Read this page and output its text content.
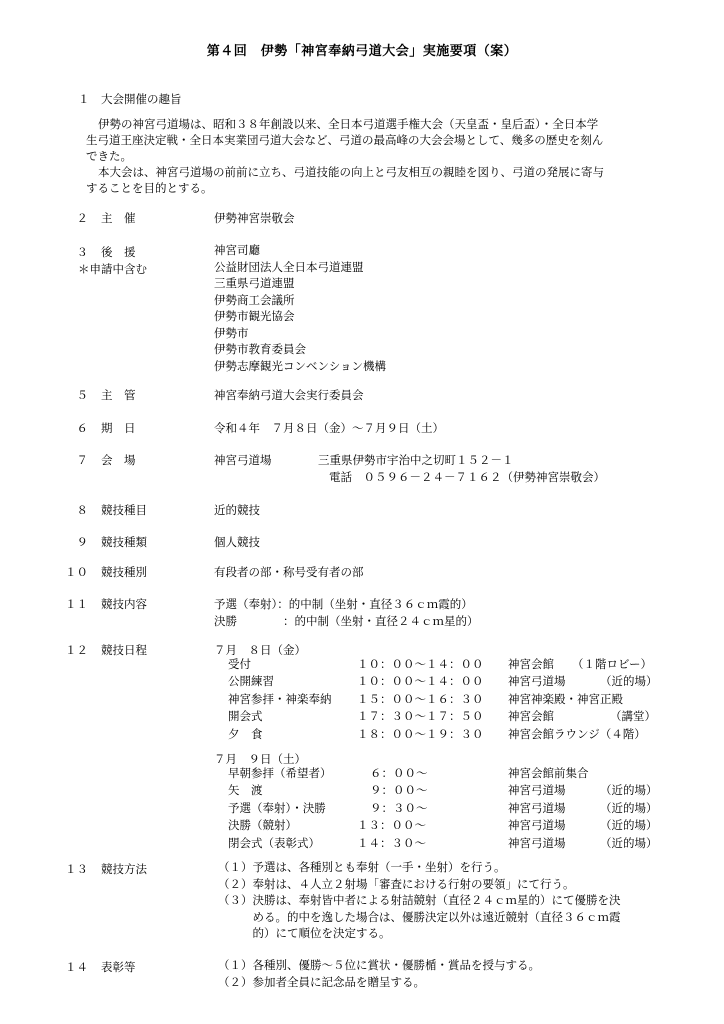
第４回　伊勢「神宮奉納弓道大会」実施要項（案）
１ 大会開催の趣旨
伊勢の神宮弓道場は、昭和３８年創設以来、全日本弓道選手権大会（天皇盃・皇后盃）・全日本学
生弓道王座決定戦・全日本実業団弓道大会など、弓道の最高峰の大会会場として、幾多の歴史を刻ん
できた。
本大会は、神宮弓道場の前前に立ち、弓道技能の向上と弓友相互の親睦を図り、弓道の発展に寄与
することを目的とする。
２ 主　催	伊勢神宮崇敬会
３ 後　援
＊申請中含む
神宮司廳
公益財団法人全日本弓道連盟
三重県弓道連盟
伊勢商工会議所
伊勢市観光協会
伊勢市
伊勢市教育委員会
伊勢志摩観光コンベンション機構
５ 主　管	神宮奉納弓道大会実行委員会
６ 期　日	令和４年　７月８日（金）～７月９日（土）
７ 会　場	神宮弓道場	三重県伊勢市宇治中之切町１５２－１
電話　０５９６－２４－７１６２（伊勢神宮崇敬会）
８ 競技種目	近的競技
９ 競技種類	個人競技
１０ 競技種別	有段者の部・称号受有者の部
１１ 競技内容	予選（奉射）：的中制（坐射・直径３６ｃｍ霞的）
決勝　　　　：的中制（坐射・直径２４ｃｍ星的）
１２ 競技日程	７月　８日（金）
受付	１０：００～１４：００ 神宮会館 （１階ロビー）
公開練習	１０：００～１４：００ 神宮弓道場	（近的場）
神宮参拝・神楽奉納 １５：００～１６：３０ 神宮神楽殿・神宮正殿
開会式	１７：３０～１７：５０ 神宮会館	（講堂）
夕　食	１８：００～１９：３０ 神宮会館ラウンジ（４階）
７月　９日（土）
早朝参拝（希望者）	６：００～	神宮会館前集合
矢　渡	９：００～	神宮弓道場	（近的場）
予選（奉射）・決勝	９：３０～	神宮弓道場	（近的場）
決勝（競射）	１３：００～	神宮弓道場	（近的場）
閉会式（表彰式）	１４：３０～	神宮弓道場	（近的場）
１３ 競技方法	（１）予選は、各種別とも奉射（一手・坐射）を行う。
（２）奉射は、４人立２射場「審査における行射の要領」にて行う。
（３）決勝は、奉射皆中者による射詰競射（直径２４ｃｍ星的）にて優勝を決
　　　める。的中を逸した場合は、優勝決定以外は遠近競射（直径３６ｃｍ霞
　　　的）にて順位を決定する。
１４ 表彰等	（１）各種別、優勝～５位に賞状・優勝楯・賞品を授与する。
（２）参加者全員に記念品を贈呈する。
